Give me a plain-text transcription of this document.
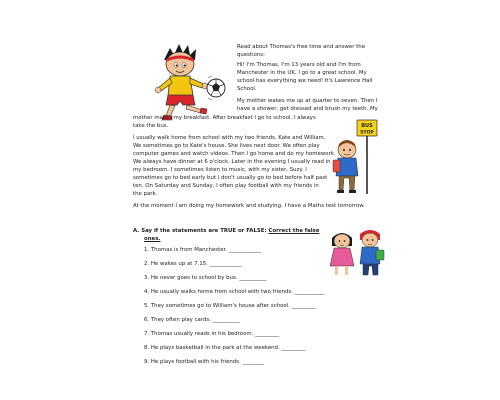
Read about Thomas's free time and answer the
questions:
Hi! I'm Thomas. I'm 13 years old and I'm from
Manchester in the UK. I go to a great school. My
school has everything we need! It's Lawrence Hall
School.
My mother wakes me up at quarter to seven. Then I
have a shower, get dressed and brush my teeth. My
mother makes my breakfast. After breakfast I go to school. I always
take the bus.
I usually walk home from school with my two friends, Kate and William.
We sometimes go to Kate's house. She lives next door. We often play
computer games and watch videos. Then I go home and do my homework.
We always have dinner at 6 o'clock. Later in the evening I usually read in
my bedroom. I sometimes listen to music, with my sister, Suzy. I
sometimes go to bed early but I don't usually go to bed before half past
ten. On Saturday and Sunday, I often play football with my friends in
the park.
At the moment I am doing my homework and studying. I have a Maths test tomorrow.
BUS
STOP
A. Say if the statements are TRUE or FALSE: Correct the false
ones.
1. Thomas is from Manchester. ____________
2. He wakes up at 7.15. ____________
3. He never goes to school by bus. __________
4. He usually walks home from school with two friends. ___________
5. They sometimes go to William's house after school. _________
6. They often play cards. __________
7. Thomas usually reads in his bedroom. _________
8. He plays basketball in the park at the weekend. _________
9. He plays football with his friends. ________
